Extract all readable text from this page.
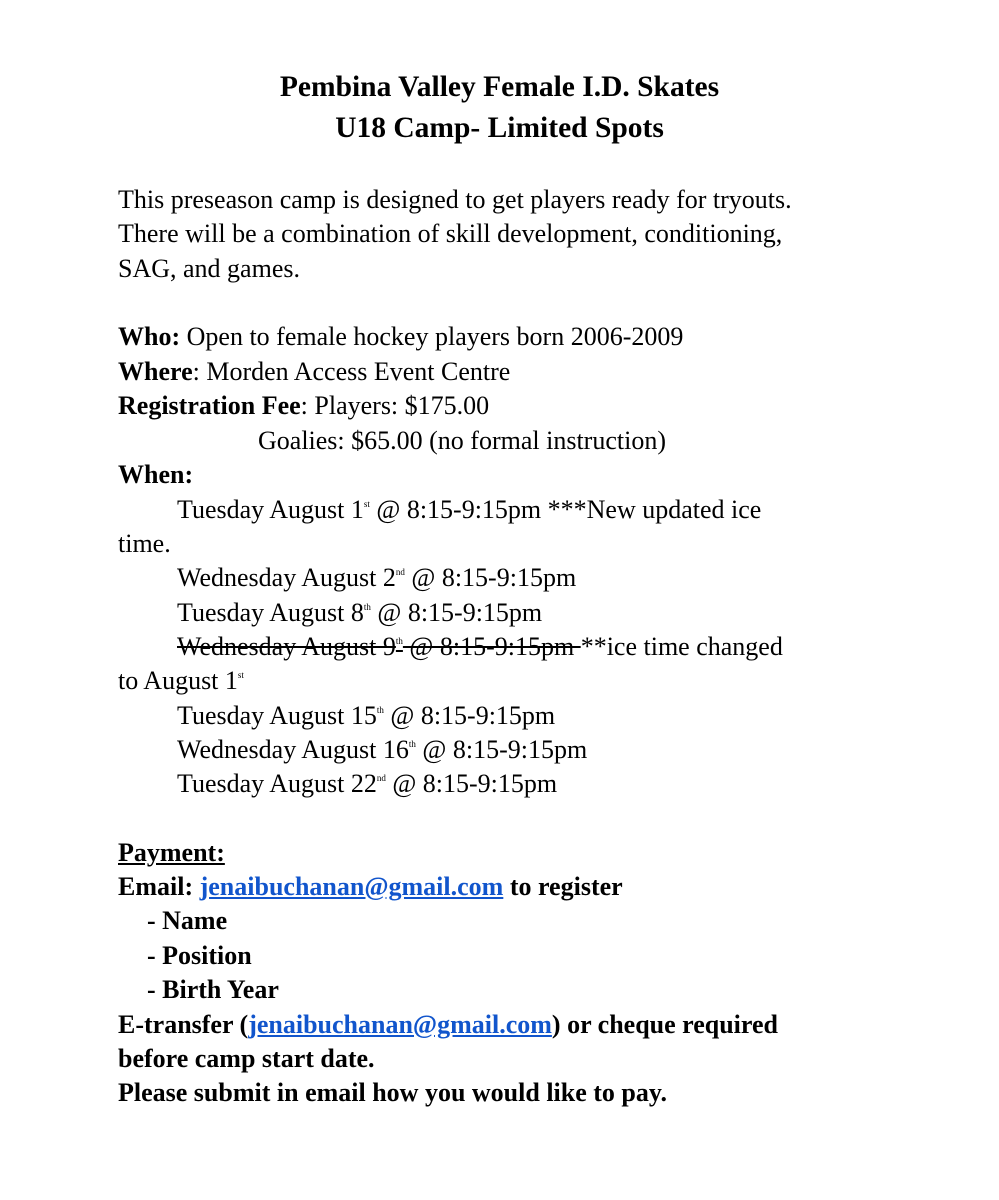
Pembina Valley Female I.D. Skates
U18 Camp- Limited Spots
This preseason camp is designed to get players ready for tryouts.
There will be a combination of skill development, conditioning,
SAG, and games.
Who: Open to female hockey players born 2006-2009
Where: Morden Access Event Centre
Registration Fee: Players: $175.00
Goalies: $65.00 (no formal instruction)
When:
Tuesday August 1st @ 8:15-9:15pm ***New updated ice
time.
Wednesday August 2nd @ 8:15-9:15pm
Tuesday August 8th @ 8:15-9:15pm
Wednesday August 9th @ 8:15-9:15pm **ice time changed
to August 1st
Tuesday August 15th @ 8:15-9:15pm
Wednesday August 16th @ 8:15-9:15pm
Tuesday August 22nd @ 8:15-9:15pm
Payment:
Email: jenaibuchanan@gmail.com to register
- Name
- Position
- Birth Year
E-transfer (jenaibuchanan@gmail.com) or cheque required
before camp start date.
Please submit in email how you would like to pay.
